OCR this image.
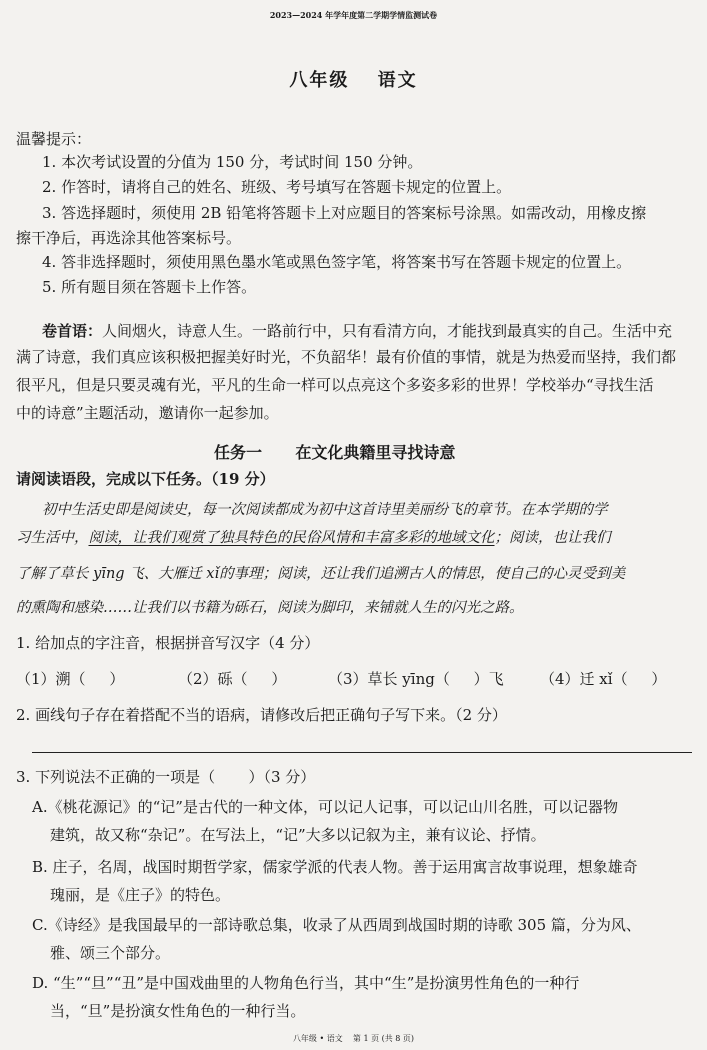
2023—2024 年学年度第二学期学情监测试卷
八年级 语文
温馨提示：
1. 本次考试设置的分值为 150 分，考试时间 150 分钟。
2. 作答时，请将自己的姓名、班级、考号填写在答题卡规定的位置上。
3. 答选择题时，须使用 2B 铅笔将答题卡上对应题目的答案标号涂黑。如需改动，用橡皮擦
擦干净后，再选涂其他答案标号。
4. 答非选择题时，须使用黑色墨水笔或黑色签字笔，将答案书写在答题卡规定的位置上。
5. 所有题目须在答题卡上作答。
卷首语：人间烟火，诗意人生。一路前行中，只有看清方向，才能找到最真实的自己。生活中充
满了诗意，我们真应该积极把握美好时光，不负韶华！最有价值的事情，就是为热爱而坚持，我们都
很平凡，但是只要灵魂有光，平凡的生命一样可以点亮这个多姿多彩的世界！学校举办“寻找生活
中的诗意”主题活动，邀请你一起参加。
任务一      在文化典籍里寻找诗意
请阅读语段，完成以下任务。（19 分）
初中生活史即是阅读史，每一次阅读都成为初中这首诗里美丽纷飞的章节。在本学期的学
习生活中，阅读，让我们观赏了独具特色的民俗风情和丰富多彩的地域文化；阅读，也让我们
了解了草长 yīng 飞、大雁迁 xǐ的事理；阅读，还让我们追溯古人的情思，使自己的心灵受到美
的熏陶和感染……让我们以书籍为砾石，阅读为脚印，来铺就人生的闪光之路。
1. 给加点的字注音，根据拼音写汉字（4 分）
（1）溯（     ）	（2）砾（     ）	（3）草长 yīng（     ）飞 （4）迁 xǐ（     ）
2. 画线句子存在着搭配不当的语病，请修改后把正确句子写下来。（2 分）
3. 下列说法不正确的一项是（       ）（3 分）
A.《桃花源记》的“记”是古代的一种文体，可以记人记事，可以记山川名胜，可以记器物
建筑，故又称“杂记”。在写法上，“记”大多以记叙为主，兼有议论、抒情。
B. 庄子，名周，战国时期哲学家，儒家学派的代表人物。善于运用寓言故事说理，想象雄奇
瑰丽，是《庄子》的特色。
C.《诗经》是我国最早的一部诗歌总集，收录了从西周到战国时期的诗歌 305 篇，分为风、
雅、颂三个部分。
D. “生”“旦”“丑”是中国戏曲里的人物角色行当，其中“生”是扮演男性角色的一种行
当，“旦”是扮演女性角色的一种行当。
八年级 • 语文    第 1 页 (共 8 页)
